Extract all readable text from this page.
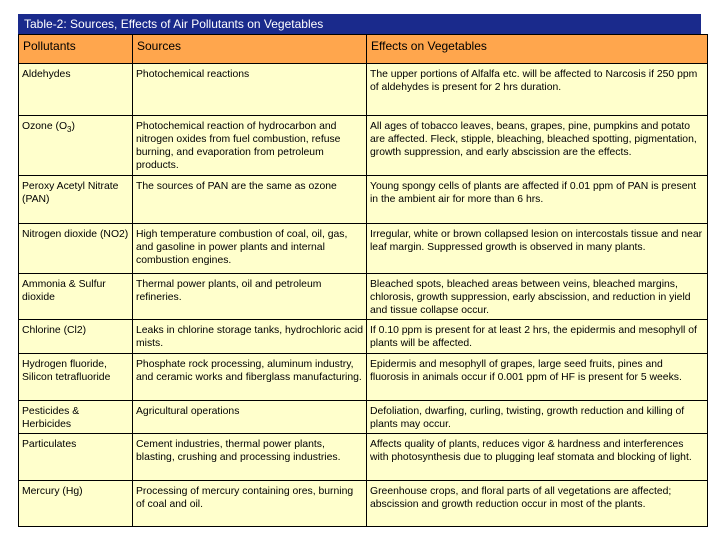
Table-2: Sources, Effects of Air Pollutants on Vegetables
Pollutants	Sources	Effects on Vegetables
Aldehydes	Photochemical reactions	The upper portions of Alfalfa etc. will be affected to Narcosis if 250 ppm of aldehydes is present for 2 hrs duration.
Ozone $(O_3)$	Photochemical reaction of hydrocarbon and nitrogen oxides from fuel combustion, refuse burning, and evaporation from petroleum products.	All ages of tobacco leaves, beans, grapes, pine, pumpkins and potato are affected. Fleck, stipple, bleaching, bleached spotting, pigmentation, growth suppression, and early abscission are the effects.
Peroxy Acetyl Nitrate (PAN)	The sources of PAN are the same as ozone	Young spongy cells of plants are affected if 0.01 ppm of PAN is present in the ambient air for more than 6 hrs.
Nitrogen dioxide (NO2)	High temperature combustion of coal, oil, gas, and gasoline in power plants and internal combustion engines.	Irregular, white or brown collapsed lesion on intercostals tissue and near leaf margin. Suppressed growth is observed in many plants.
Ammonia & Sulfur dioxide	Thermal power plants, oil and petroleum refineries.	Bleached spots, bleached areas between veins, bleached margins, chlorosis, growth suppression, early abscission, and reduction in yield and tissue collapse occur.
Chlorine (Cl2)	Leaks in chlorine storage tanks, hydrochloric acid mists.	If 0.10 ppm is present for at least 2 hrs, the epidermis and mesophyll of plants will be affected.
Hydrogen fluoride, Silicon tetrafluoride	Phosphate rock processing, aluminum industry, and ceramic works and fiberglass manufacturing.	Epidermis and mesophyll of grapes, large seed fruits, pines and fluorosis in animals occur if 0.001 ppm of HF is present for 5 weeks.
Pesticides & Herbicides	Agricultural operations	Defoliation, dwarfing, curling, twisting, growth reduction and killing of plants may occur.
Particulates	Cement industries, thermal power plants, blasting, crushing and processing industries.	Affects quality of plants, reduces vigor & hardness and interferences with photosynthesis due to plugging leaf stomata and blocking of light.
Mercury (Hg)	Processing of mercury containing ores, burning of coal and oil.	Greenhouse crops, and floral parts of all vegetations are affected; abscission and growth reduction occur in most of the plants.
